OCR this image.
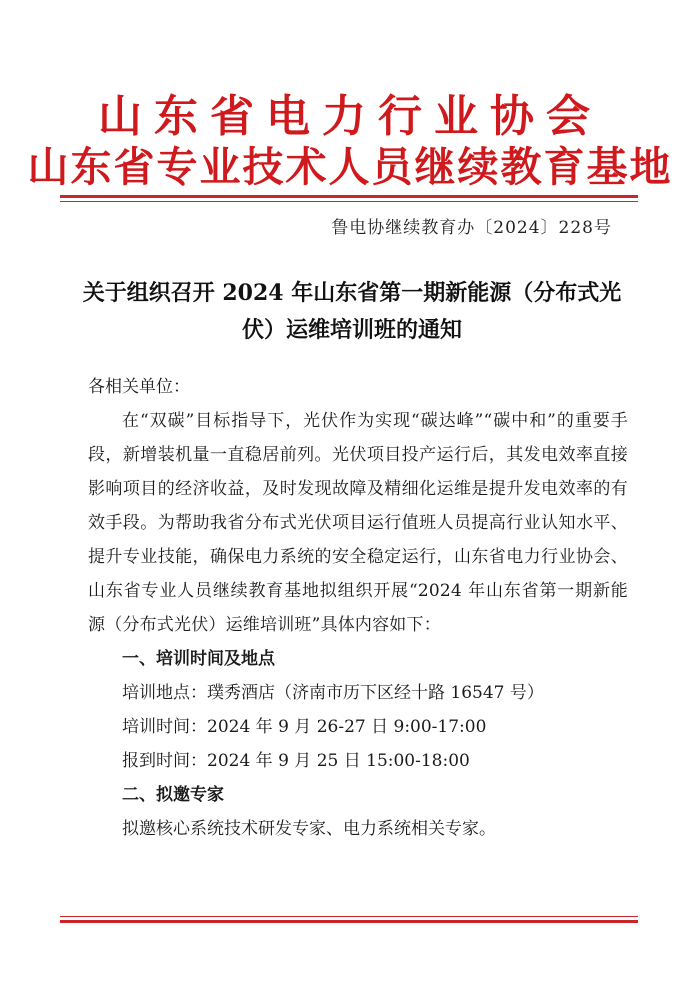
山东省电力行业协会
山东省专业技术人员继续教育基地
鲁电协继续教育办〔2024〕228号
关于组织召开 2024 年山东省第一期新能源（分布式光伏）运维培训班的通知
各相关单位：
在“双碳”目标指导下，光伏作为实现“碳达峰”“碳中和”的重要手段，新增装机量一直稳居前列。光伏项目投产运行后，其发电效率直接影响项目的经济收益，及时发现故障及精细化运维是提升发电效率的有效手段。为帮助我省分布式光伏项目运行值班人员提高行业认知水平、提升专业技能，确保电力系统的安全稳定运行，山东省电力行业协会、山东省专业人员继续教育基地拟组织开展“2024 年山东省第一期新能源（分布式光伏）运维培训班”具体内容如下：
一、培训时间及地点
培训地点：璞秀酒店（济南市历下区经十路 16547 号）
培训时间：2024 年 9 月 26-27 日 9:00-17:00
报到时间：2024 年 9 月 25 日 15:00-18:00
二、拟邀专家
拟邀核心系统技术研发专家、电力系统相关专家。
